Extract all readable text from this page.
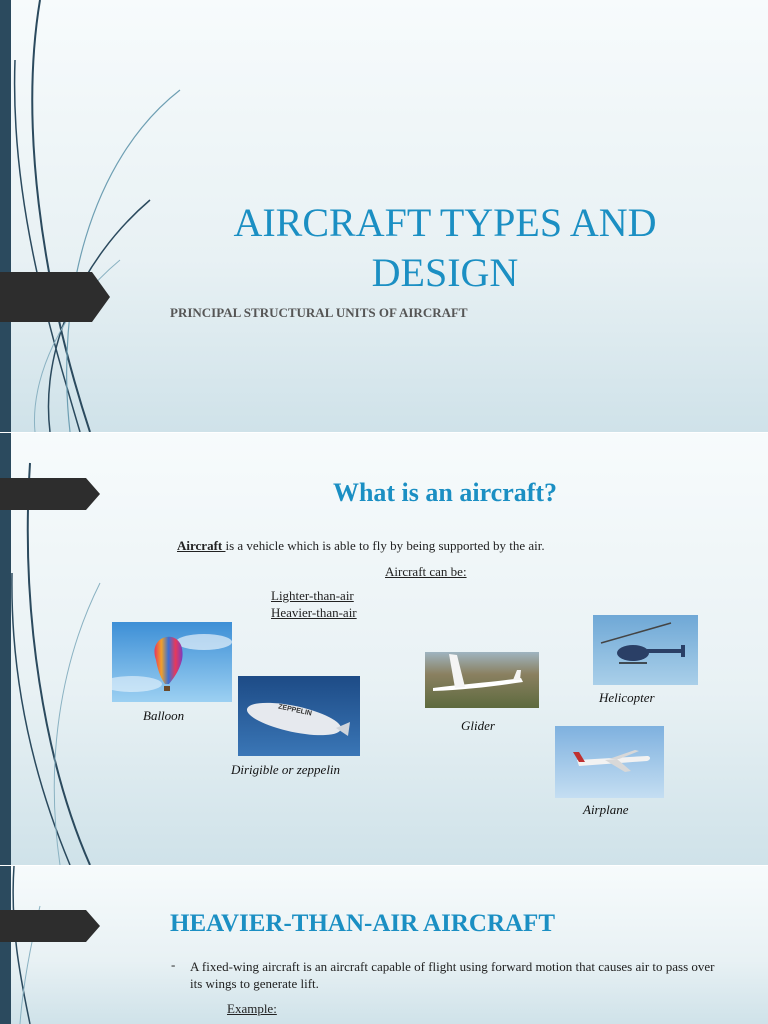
AIRCRAFT TYPES AND DESIGN
PRINCIPAL STRUCTURAL UNITS OF AIRCRAFT
What is an aircraft?
Aircraft is a vehicle which is able to fly by being supported by the air.
Aircraft can be:
Lighter-than-air
Heavier-than-air
Balloon	ZEPPELIN
Dirigible or zeppelin
Glider
Helicopter
Airplane
HEAVIER-THAN-AIR AIRCRAFT
- A fixed-wing aircraft is an aircraft capable of flight using forward motion that causes air to pass over its wings to generate lift.
Example:
